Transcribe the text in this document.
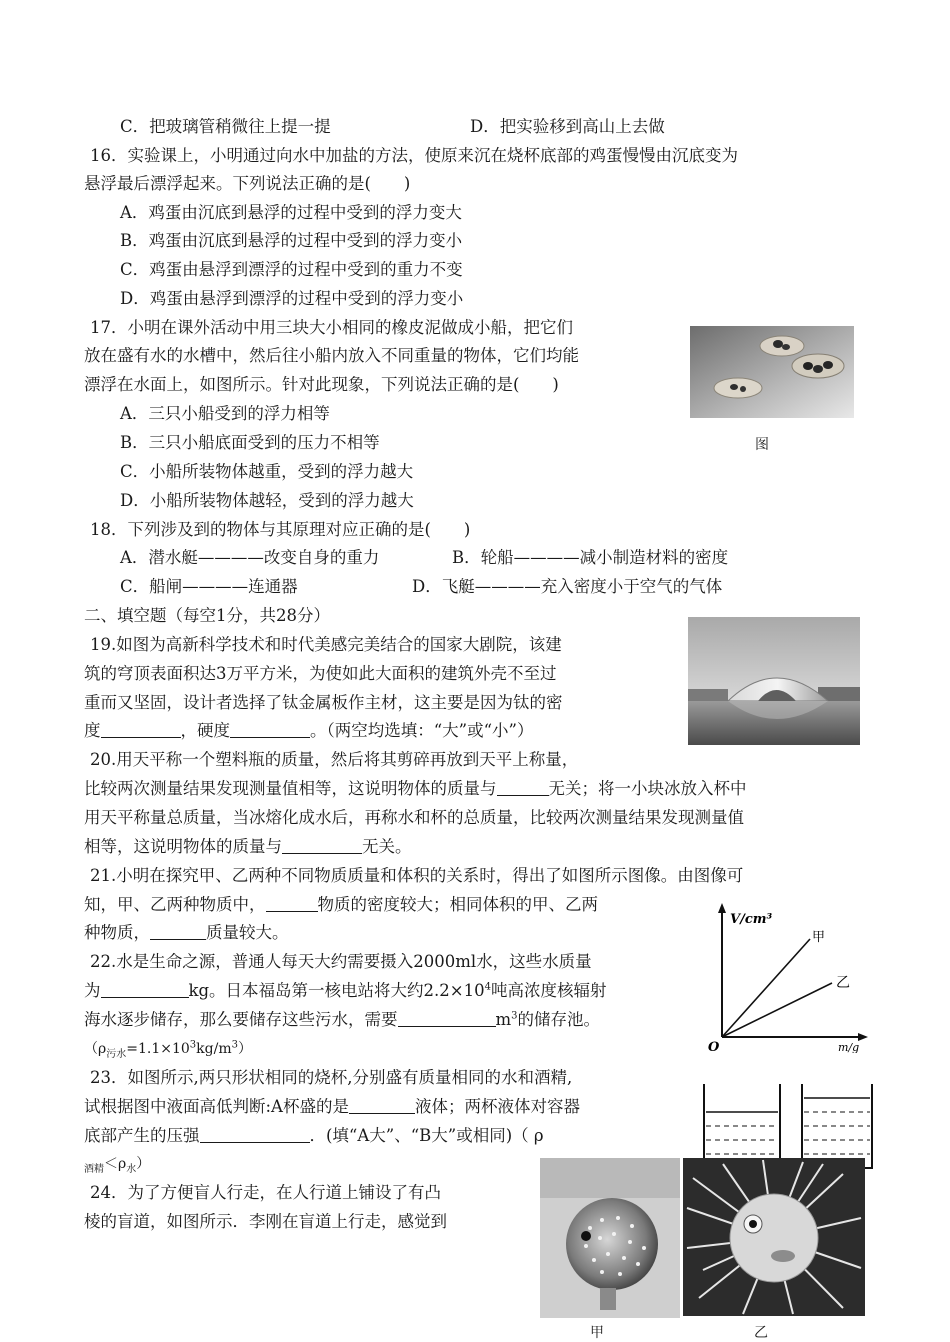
C．把玻璃管稍微往上提一提	D．把实验移到高山上去做
16．实验课上，小明通过向水中加盐的方法，使原来沉在烧杯底部的鸡蛋慢慢由沉底变为
悬浮最后漂浮起来。下列说法正确的是(　　)
A．鸡蛋由沉底到悬浮的过程中受到的浮力变大
B．鸡蛋由沉底到悬浮的过程中受到的浮力变小
C．鸡蛋由悬浮到漂浮的过程中受到的重力不变
D．鸡蛋由悬浮到漂浮的过程中受到的浮力变小
17．小明在课外活动中用三块大小相同的橡皮泥做成小船，把它们
放在盛有水的水槽中，然后往小船内放入不同重量的物体，它们均能
漂浮在水面上，如图所示。针对此现象，下列说法正确的是(　　)
A．三只小船受到的浮力相等
B．三只小船底面受到的压力不相等
C．小船所装物体越重，受到的浮力越大
D．小船所装物体越轻，受到的浮力越大
18．下列涉及到的物体与其原理对应正确的是(　　)
A．潜水艇————改变自身的重力	B．轮船————减小制造材料的密度
C．船闸————连通器	D．飞艇————充入密度小于空气的气体
二、填空题（每空1分，共28分）
19.如图为高新科学技术和时代美感完美结合的国家大剧院，该建
筑的穹顶表面积达3万平方米，为使如此大面积的建筑外壳不至过
重而又坚固，设计者选择了钛金属板作主材，这主要是因为钛的密
度	，硬度	。（两空均选填：“大”或“小”）
20.用天平称一个塑料瓶的质量，然后将其剪碎再放到天平上称量，
比较两次测量结果发现测量值相等，这说明物体的质量与	无关；将一小块冰放入杯中
用天平称量总质量，当冰熔化成水后，再称水和杯的总质量，比较两次测量结果发现测量值
相等，这说明物体的质量与	无关。
21.小明在探究甲、乙两种不同物质质量和体积的关系时，得出了如图所示图像。由图像可
知，甲、乙两种物质中，	物质的密度较大；相同体积的甲、乙两
种物质，	质量较大。
22.水是生命之源，普通人每天大约需要摄入2000ml水，这些水质量
为	kg。日本福岛第一核电站将大约$2.2\times 10^4$吨高浓度核辐射
海水逐步储存，那么要储存这些污水，需要	$m^3$的储存池。
$(\rho_{污水}=1.1\times 10^3kg/m^3)$
23．如图所示,两只形状相同的烧杯,分别盛有质量相同的水和酒精,
试根据图中液面高低判断:A杯盛的是	液体；两杯液体对容器
底部产生的压强	．(填“A大”、“B大”或相同)（ ρ
$_{酒精}<\rho_水$）
24．为了方便盲人行走，在人行道上铺设了有凸
棱的盲道，如图所示．李刚在盲道上行走，感觉到
图
V/cm³
m/g
O
甲
乙
甲	乙
